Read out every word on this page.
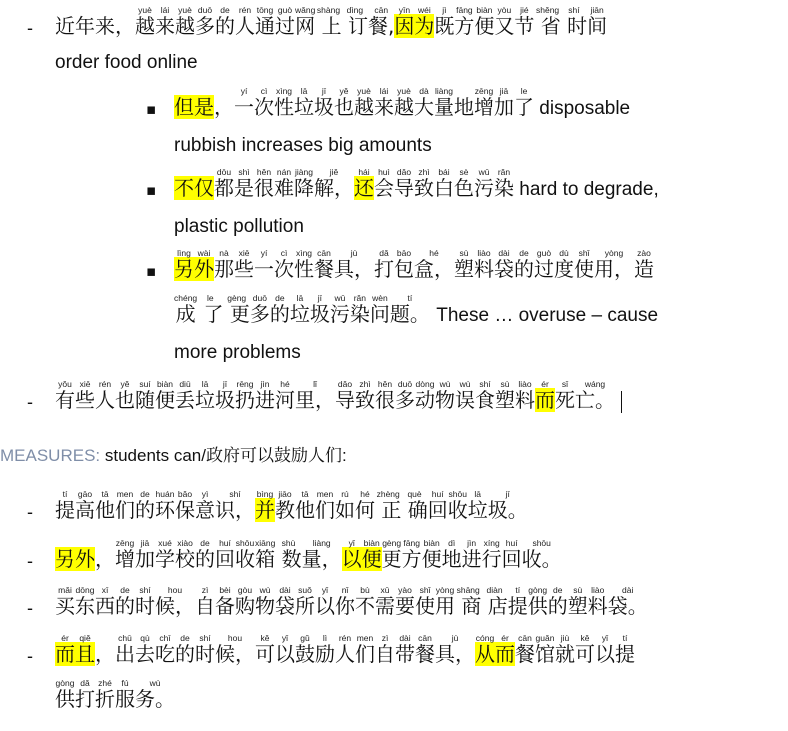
- 近 年 来， 越yuè来lái越yuè多duō的de人rén通tōng过guò网wǎng 上shàng 订dìng餐,cān因yīn为wéi既jì方fāng便biàn又yòu节jié 省shěng 时shí间jiān
order food online
▪ 但 是 ， 一yí次cì性xìng垃lā圾jī也yě越yuè来lái越yuè大dà量liàng地 增zēng加jiā了le disposable
rubbish increases big amounts
▪ 不 仅 都dōu是shì很hěn难nán降jiàng解，jiě还hái会huì导dǎo致zhì白bái色sè污wū染rǎn hard to degrade,
plastic pollution
▪ 另lìng外wài那nà些xiē一yí次cì性xìng餐cān具，jù打dǎ包bāo盒，hé塑sù料liào袋dài的de过guò度dù使shǐ用，yòng造zào
成chéng 了le 更gèng多duō的de垃lā圾jī污wū染rǎn问wèn题。tí These … overuse – cause
more problems
- 有yǒu些xiē人rén也yě随suí便biàn丢diū垃lā圾jī扔rēng进jìn河hé里，lǐ导dǎo致zhì很hěn多duō动dòng物wù误wù食shí塑sù料liào而ér死sǐ亡。wáng
MEASURES: students can/政府可以鼓励人们:
- 提tí高gāo他tā们men的de环huán保bǎo意yì识，shí并bìng教jiāo他tā们men如rú何hé 正zhèng 确què回huí收shōu垃lā圾。jī
- 另 外 ， 增zēng加jiā学xué校xiào的de回huí收shōu箱xiāng 数shù量，liàng以yǐ便biàn更gèng方fāng便biàn地dì进jìn行xíng回huí收。shōu
- 买mǎi东dōng西xī的de时shí候，hou自zì备bèi购gòu物wù袋dài所suǒ以yǐ你nǐ不bù需xū要yào使shǐ用yòng 商shāng 店diàn提tí供gòng的de塑sù料liào袋。dài
- 而ér且qiě， 出chū去qù吃chī的de时shí候，hou可kě以yǐ鼓gǔ励lì人rén们men自zì带dài餐cān具，jù从cóng而ér餐cān馆guǎn就jiù可kě以yǐ提tí
供gòng打dǎ折zhé服fú务。wù
